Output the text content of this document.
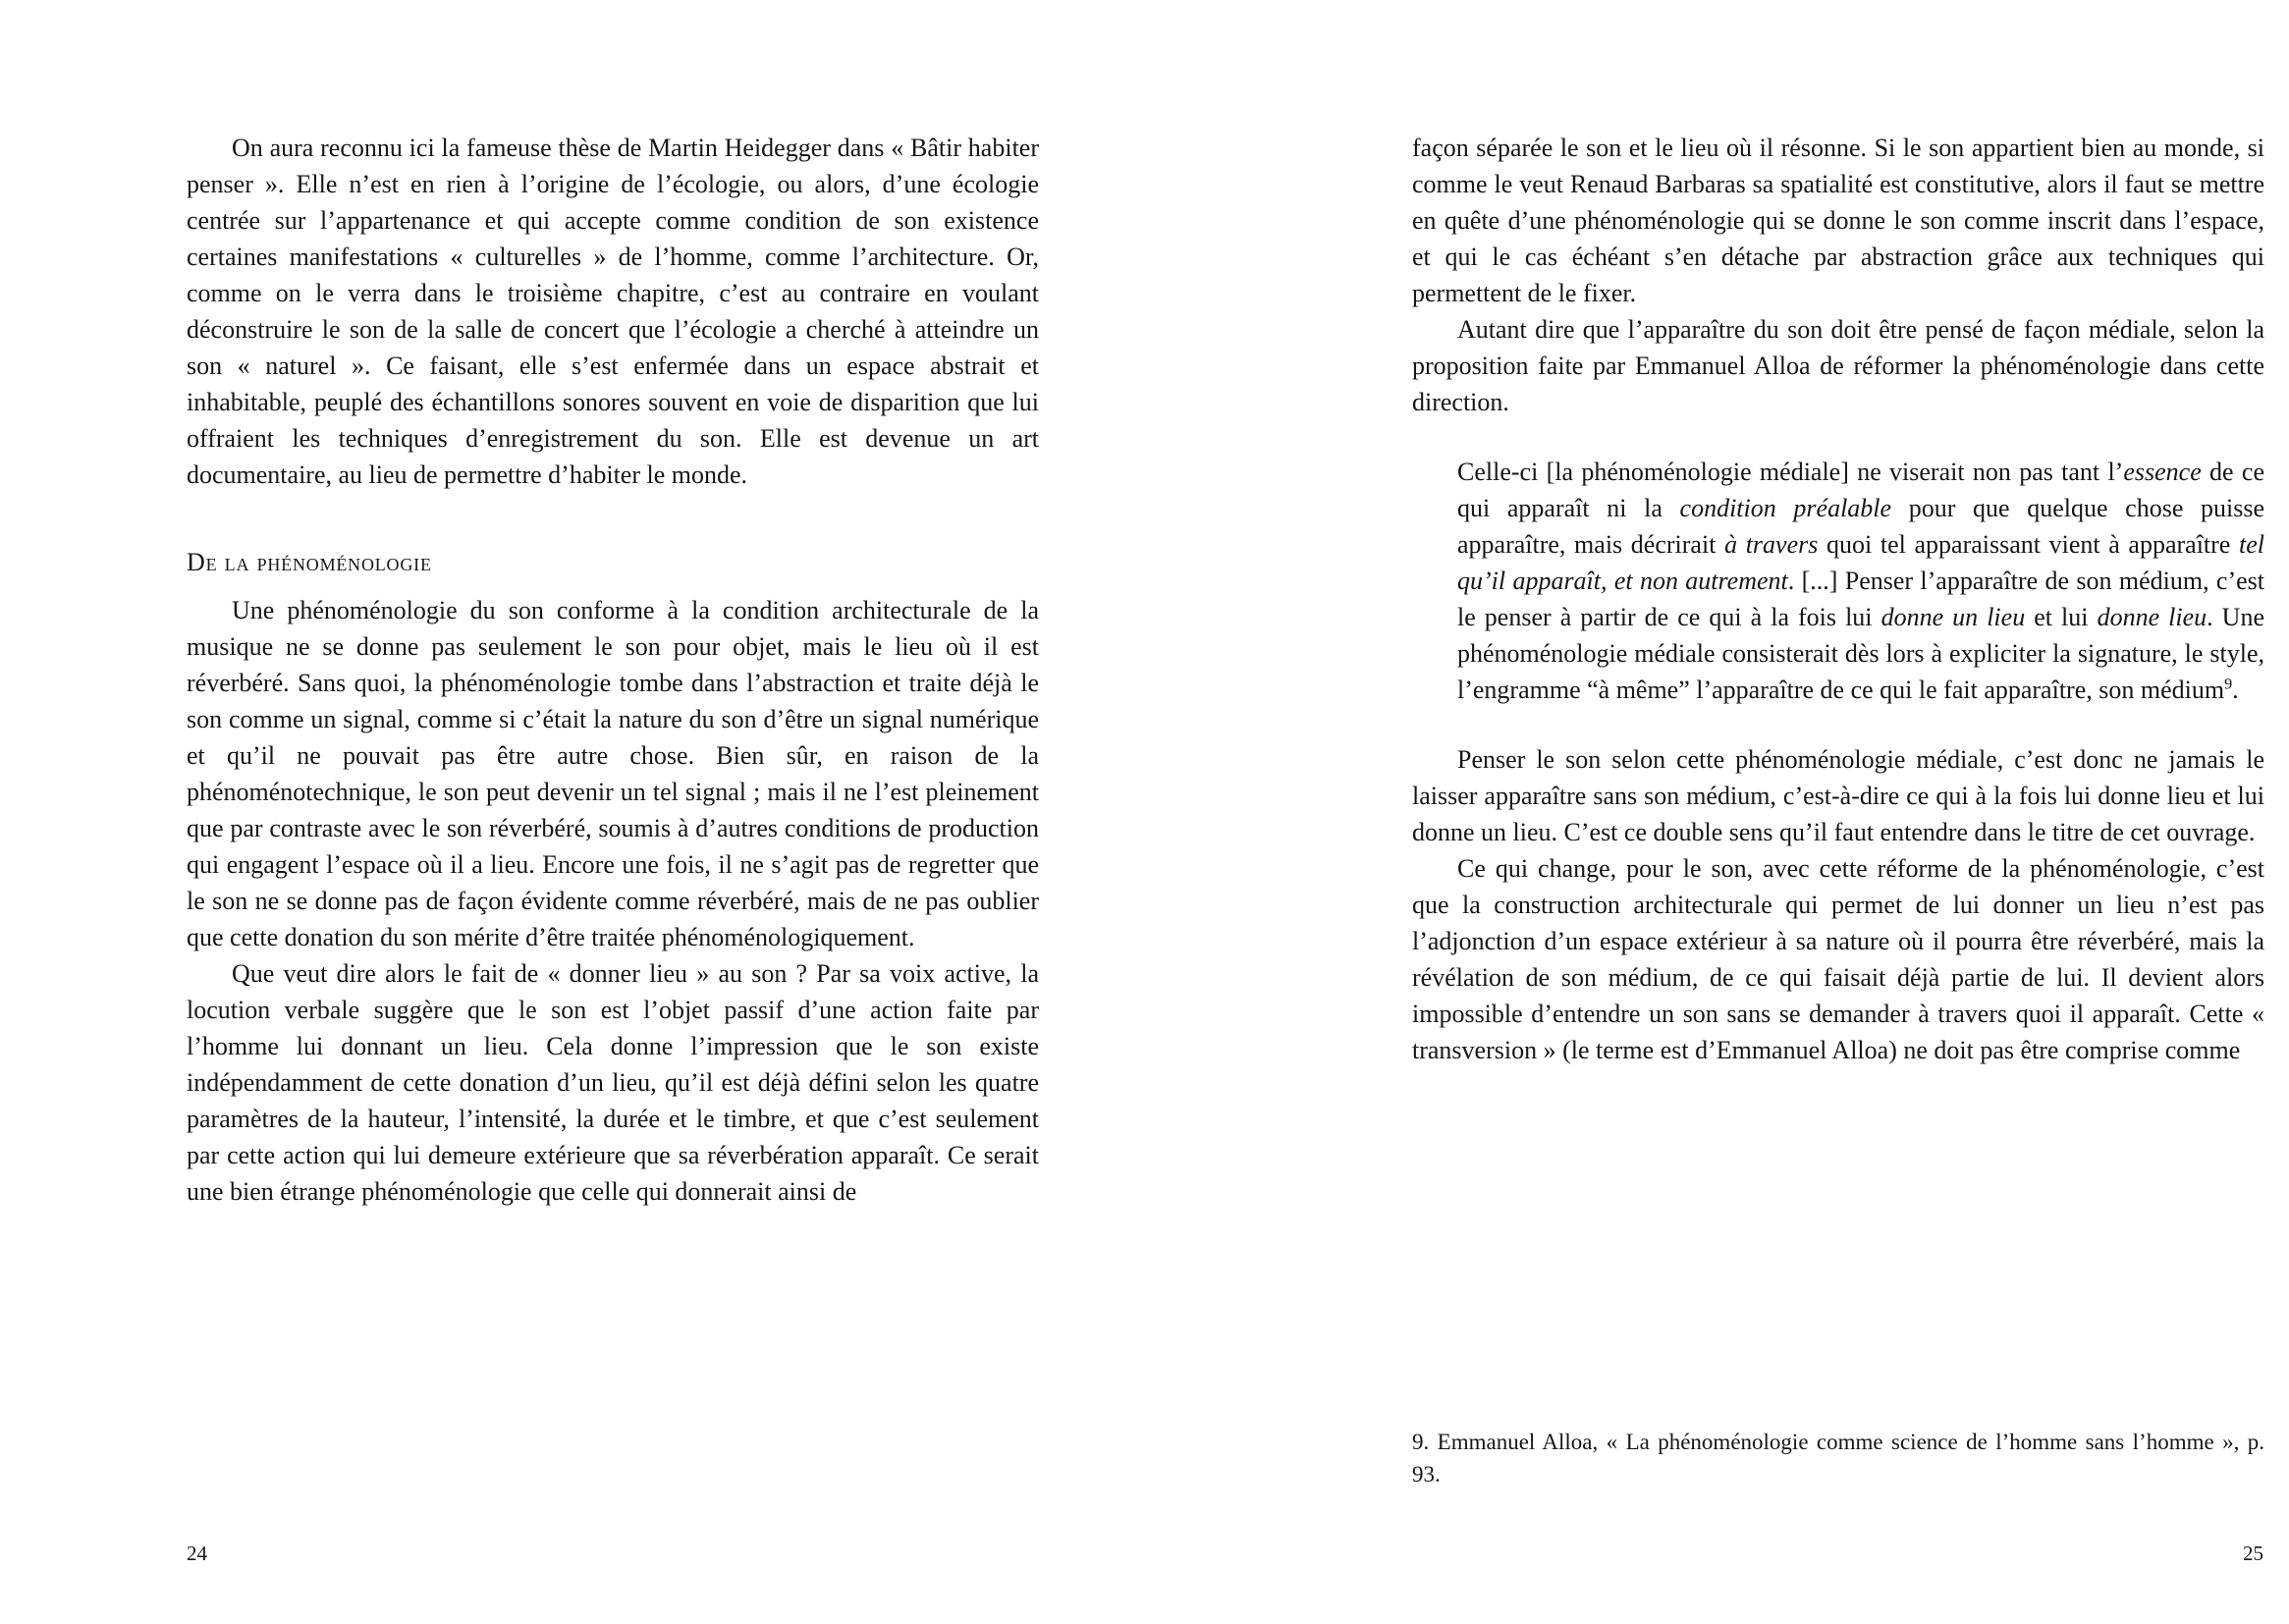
On aura reconnu ici la fameuse thèse de Martin Heidegger dans « Bâtir habiter penser ». Elle n’est en rien à l’origine de l’écologie, ou alors, d’une écologie centrée sur l’appartenance et qui accepte comme condition de son existence certaines manifestations « culturelles » de l’homme, comme l’architecture. Or, comme on le verra dans le troisième chapitre, c’est au contraire en voulant déconstruire le son de la salle de concert que l’écologie a cherché à atteindre un son « naturel ». Ce faisant, elle s’est enfermée dans un espace abstrait et inhabitable, peuplé des échantillons sonores souvent en voie de disparition que lui offraient les techniques d’enregistrement du son. Elle est devenue un art documentaire, au lieu de permettre d’habiter le monde.

De la phénoménologie

Une phénoménologie du son conforme à la condition architecturale de la musique ne se donne pas seulement le son pour objet, mais le lieu où il est réverbéré. Sans quoi, la phénoménologie tombe dans l’abstraction et traite déjà le son comme un signal, comme si c’était la nature du son d’être un signal numérique et qu’il ne pouvait pas être autre chose. Bien sûr, en raison de la phénoménotechnique, le son peut devenir un tel signal ; mais il ne l’est pleinement que par contraste avec le son réverbéré, soumis à d’autres conditions de production qui engagent l’espace où il a lieu. Encore une fois, il ne s’agit pas de regretter que le son ne se donne pas de façon évidente comme réverbéré, mais de ne pas oublier que cette donation du son mérite d’être traitée phénoménologiquement.

Que veut dire alors le fait de « donner lieu » au son ? Par sa voix active, la locution verbale suggère que le son est l’objet passif d’une action faite par l’homme lui donnant un lieu. Cela donne l’impression que le son existe indépendamment de cette donation d’un lieu, qu’il est déjà défini selon les quatre paramètres de la hauteur, l’intensité, la durée et le timbre, et que c’est seulement par cette action qui lui demeure extérieure que sa réverbération apparaît. Ce serait une bien étrange phénoménologie que celle qui donnerait ainsi de

24

façon séparée le son et le lieu où il résonne. Si le son appartient bien au monde, si comme le veut Renaud Barbaras sa spatialité est constitutive, alors il faut se mettre en quête d’une phénoménologie qui se donne le son comme inscrit dans l’espace, et qui le cas échéant s’en détache par abstraction grâce aux techniques qui permettent de le fixer.

Autant dire que l’apparaître du son doit être pensé de façon médiale, selon la proposition faite par Emmanuel Alloa de réformer la phénoménologie dans cette direction.

Celle-ci [la phénoménologie médiale] ne viserait non pas tant l’essence de ce qui apparaît ni la condition préalable pour que quelque chose puisse apparaître, mais décrirait à travers quoi tel apparaissant vient à apparaître tel qu’il apparaît, et non autrement. [...] Penser l’apparaître de son médium, c’est le penser à partir de ce qui à la fois lui donne un lieu et lui donne lieu. Une phénoménologie médiale consisterait dès lors à expliciter la signature, le style, l’engramme “à même” l’apparaître de ce qui le fait apparaître, son médium$^9$.

Penser le son selon cette phénoménologie médiale, c’est donc ne jamais le laisser apparaître sans son médium, c’est-à-dire ce qui à la fois lui donne lieu et lui donne un lieu. C’est ce double sens qu’il faut entendre dans le titre de cet ouvrage.

Ce qui change, pour le son, avec cette réforme de la phénoménologie, c’est que la construction architecturale qui permet de lui donner un lieu n’est pas l’adjonction d’un espace extérieur à sa nature où il pourra être réverbéré, mais la révélation de son médium, de ce qui faisait déjà partie de lui. Il devient alors impossible d’entendre un son sans se demander à travers quoi il apparaît. Cette « transversion » (le terme est d’Emmanuel Alloa) ne doit pas être comprise comme

9. Emmanuel Alloa, « La phénoménologie comme science de l’homme sans l’homme », p. 93.
25
